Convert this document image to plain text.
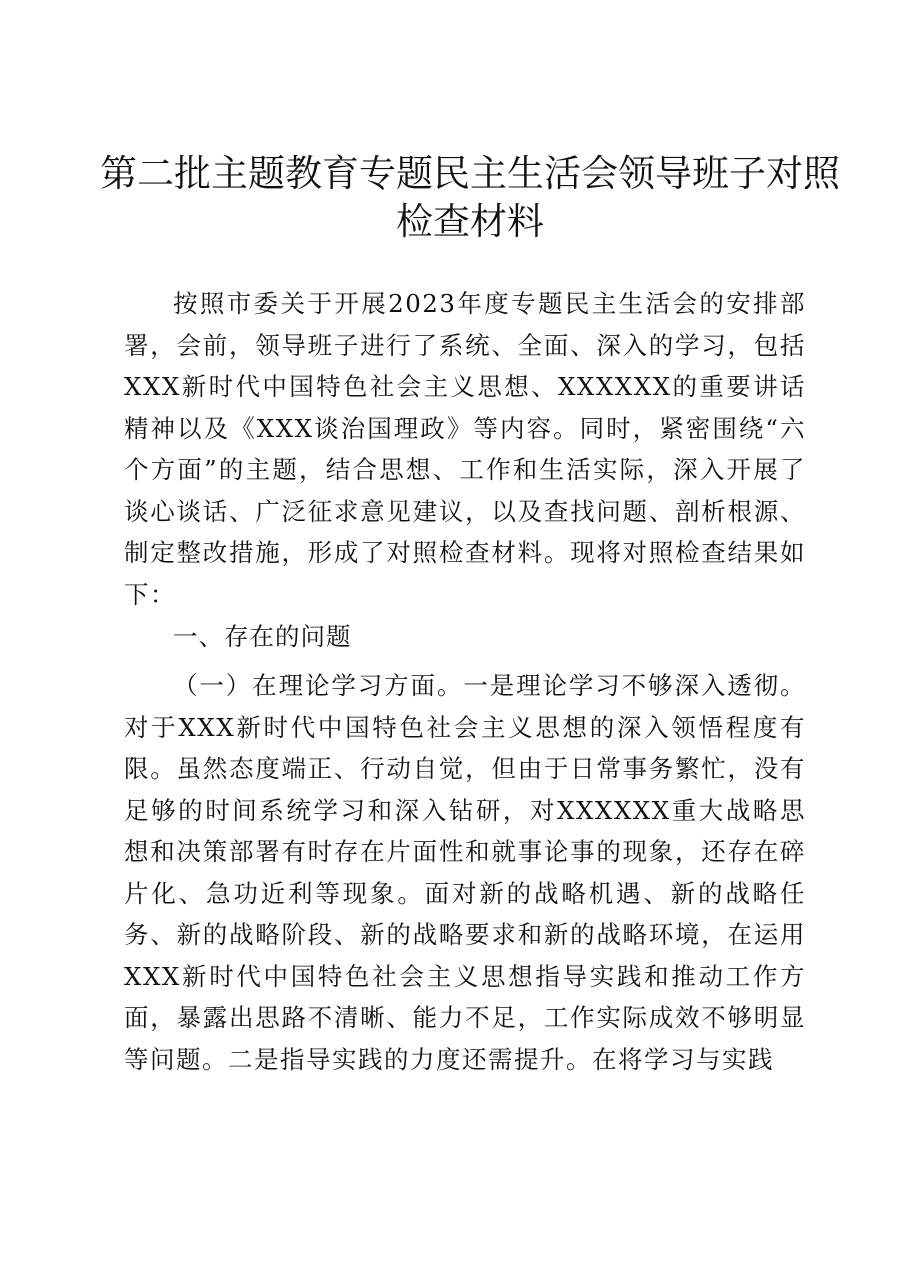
第二批主题教育专题民主生活会领导班子对照检查材料

按照市委关于开展2023年度专题民主生活会的安排部署，会前，领导班子进行了系统、全面、深入的学习，包括XXX新时代中国特色社会主义思想、XXXXXX的重要讲话精神以及《XXX谈治国理政》等内容。同时，紧密围绕“六个方面”的主题，结合思想、工作和生活实际，深入开展了谈心谈话、广泛征求意见建议，以及查找问题、剖析根源、制定整改措施，形成了对照检查材料。现将对照检查结果如下：

一、存在的问题

（一）在理论学习方面。一是理论学习不够深入透彻。对于XXX新时代中国特色社会主义思想的深入领悟程度有限。虽然态度端正、行动自觉，但由于日常事务繁忙，没有足够的时间系统学习和深入钻研，对XXXXXX重大战略思想和决策部署有时存在片面性和就事论事的现象，还存在碎片化、急功近利等现象。面对新的战略机遇、新的战略任务、新的战略阶段、新的战略要求和新的战略环境，在运用XXX新时代中国特色社会主义思想指导实践和推动工作方面，暴露出思路不清晰、能力不足，工作实际成效不够明显等问题。二是指导实践的力度还需提升。在将学习与实践
